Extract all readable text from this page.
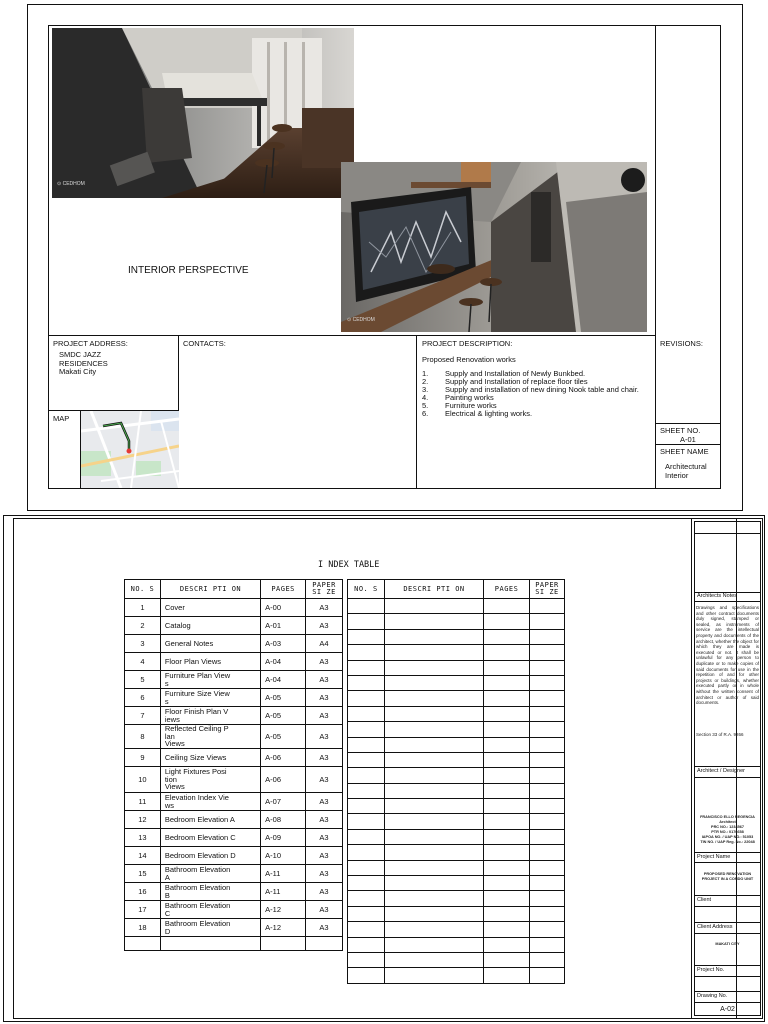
⊙ CEDHOM
⊙ CEDHOM
INTERIOR PERSPECTIVE
PROJECT ADDRESS:
SMDC JAZZ
RESIDENCES
Makati City
CONTACTS:	PROJECT DESCRIPTION:
Proposed Renovation works
1.	Supply and Installation of Newly Bunkbed.
2.	Supply and Installation of replace floor tiles
3.	Supply and installation of new dining Nook table and chair.
4.	Painting works
5.	Furniture works
6.	Electrical & lighting works.
REVISIONS:
MAP
SHEET NO.
A-01
SHEET NAME
Architectural
Interior
I NDEX TABLE
NO. S	DESCRI PTI ON	PAGES	PAPER
SI ZE
1	Cover	A-00	A3
2	Catalog	A-01	A3
3	General Notes	A-03	A4
4	Floor Plan Views	A-04	A3
5	Furniture Plan View
s	A-04	A3
6	Furniture Size View
s	A-05	A3
7	Floor Finish Plan V
iews	A-05	A3
8	Reflected Ceiling P
lan
Views	A-05	A3
9	Ceiling Size Views	A-06	A3
10	Light Fixtures Posi
tion
Views	A-06	A3
11	Elevation Index Vie
ws	A-07	A3
12	Bedroom Elevation A	A-08	A3
13	Bedroom Elevation C	A-09	A3
14	Bedroom Elevation D	A-10	A3
15	Bathroom Elevation
A	A-11	A3
16	Bathroom Elevation
B	A-11	A3
17	Bathroom Elevation
C	A-12	A3
18	Bathroom Elevation
D	A-12	A3

NO. S	DESCRI PTI ON	PAGES	PAPER
SI ZE

				Architects Notes
Drawings and specifications and other contract documents duly signed, stamped or sealed, as instruments of service are the intellectual property and documents of the architect, whether the object for which they are made is executed or not. It shall be unlawful for any person to duplicate or to make copies of said documents for use in the repetition of and for other projects or buildings, whether executed partly or in whole without the written consent of architect or author of said documents.
Section 33 of R.A. 9266
Architect / Designer
FRANCISCO ELLO REGENCIA
Architect
PRC NO.: 1234567
PTR NO.: 0176658
IAPOA NO. / UAP NO.: 51053
TIN NO. / UAP Reg. No.: 22048
Project Name
PROPOSED RENOVATION
PROJECT IN A CONDO UNIT
Client
Client Address
MAKATI CITY
Project No.
Drawing No.
A-02
